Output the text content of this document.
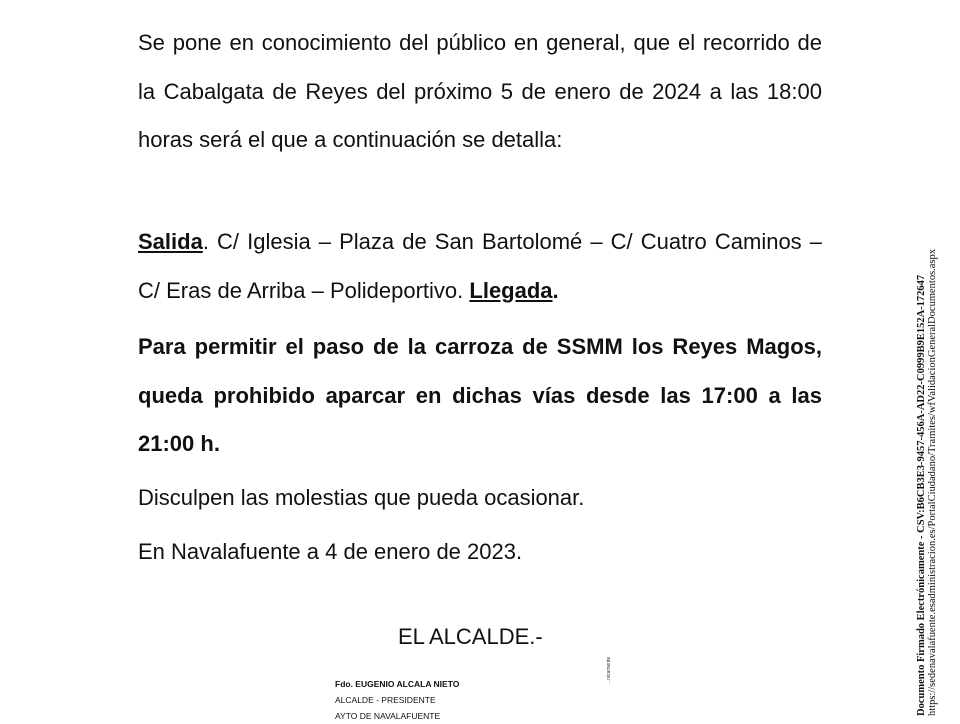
Se pone en conocimiento del público en general, que el recorrido de la Cabalgata de Reyes del próximo 5 de enero de 2024 a las 18:00 horas será el que a continuación se detalla:

Salida. C/ Iglesia – Plaza de San Bartolomé – C/ Cuatro Caminos – C/ Eras de Arriba – Polideportivo. Llegada.

Para permitir el paso de la carroza de SSMM los Reyes Magos, queda prohibido aparcar en dichas vías desde las 17:00 a las 21:00 h.

Disculpen las molestias que pueda ocasionar.

En Navalafuente a 4 de enero de 2023.

EL ALCALDE.-

Fdo. EUGENIO ALCALA NIETO
ALCALDE - PRESIDENTE
AYTO DE NAVALAFUENTE
...nicamente	Documento Firmado Electrónicamente - CSV:B6CB3E3-9457-456A-AD22-C0999B9E152A-172647 https://sedenavalafuente.esadministracion.es/PortalCiudadano/Tramites/wfValidacionGeneralDocumentos.aspx
